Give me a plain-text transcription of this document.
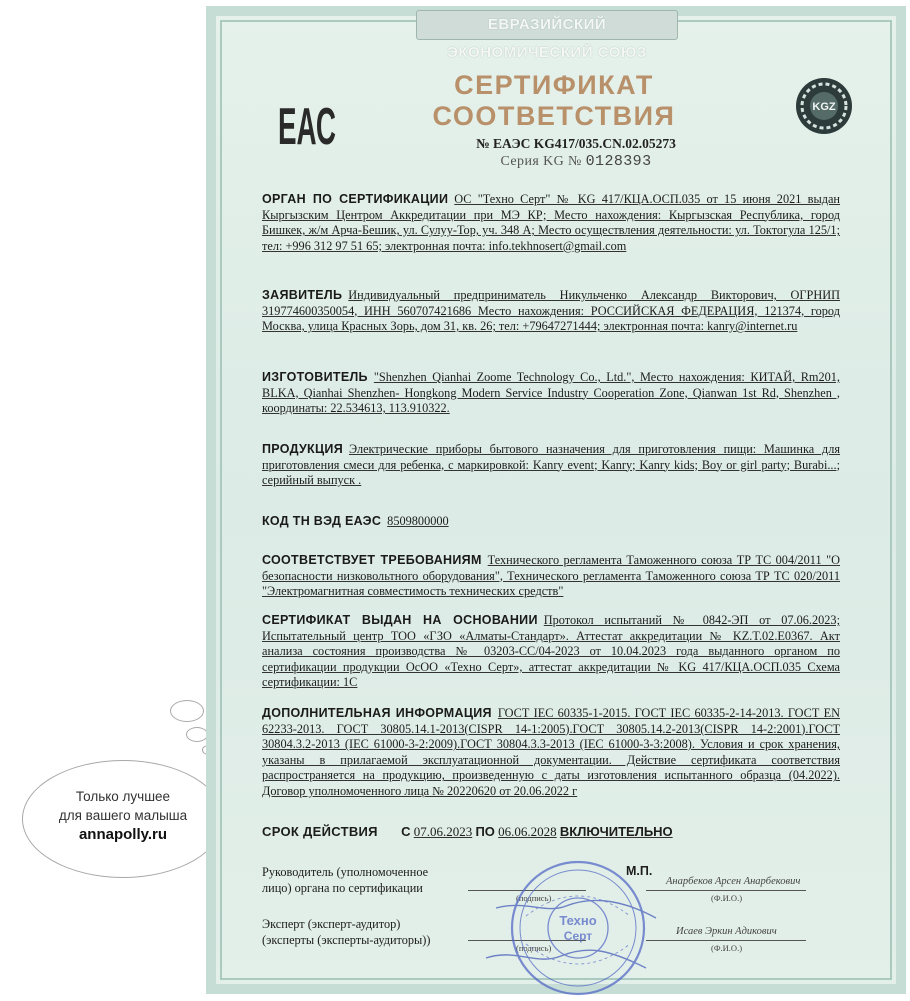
Только лучшее
для вашего малыша
annapolly.ru
ЕВРАЗИЙСКИЙ ЭКОНОМИЧЕСКИЙ СОЮЗ
ЕАС
СЕРТИФИКАТ СООТВЕТСТВИЯ	KGZ
№ ЕАЭС KG417/035.CN.02.05273
Серия KG № 0128393
ОРГАН ПО СЕРТИФИКАЦИИ ОС "Техно Серт" № KG 417/КЦА.ОСП.035 от 15 июня 2021 выдан Кыргызским Центром Аккредитации при МЭ КР; Место нахождения: Кыргызская Республика, город Бишкек, ж/м Арча-Бешик, ул. Сулуу-Тор, уч. 348 А; Место осуществления деятельности: ул. Токтогула 125/1; тел: +996 312 97 51 65; электронная почта: info.tekhnosert@gmail.com
ЗАЯВИТЕЛЬ Индивидуальный предприниматель Никульченко Александр Викторович, ОГРНИП 319774600350054, ИНН 560707421686 Место нахождения: РОССИЙСКАЯ ФЕДЕРАЦИЯ, 121374, город Москва, улица Красных Зорь, дом 31, кв. 26; тел: +79647271444; электронная почта: kanry@internet.ru
ИЗГОТОВИТЕЛЬ "Shenzhen Qianhai Zoome Technology Co., Ltd.", Место нахождения: КИТАЙ, Rm201, BLKA, Qianhai Shenzhen- Hongkong Modern Service Industry Cooperation Zone, Qianwan 1st Rd, Shenzhen , координаты: 22.534613, 113.910322.
ПРОДУКЦИЯ Электрические приборы бытового назначения для приготовления пищи: Машинка для приготовления смеси для ребенка, с маркировкой: Kanry event; Kanry; Kanry kids; Boy or girl party; Burabi...; серийный выпуск .
КОД ТН ВЭД ЕАЭС 8509800000
СООТВЕТСТВУЕТ ТРЕБОВАНИЯМ Технического регламента Таможенного союза ТР ТС 004/2011 "О безопасности низковольтного оборудования", Технического регламента Таможенного союза ТР ТС 020/2011 "Электромагнитная совместимость технических средств"
СЕРТИФИКАТ ВЫДАН НА ОСНОВАНИИ Протокол испытаний № 0842-ЭП от 07.06.2023; Испытательный центр ТОО «ГЗО «Алматы-Стандарт». Аттестат аккредитации № KZ.T.02.E0367. Акт анализа состояния производства № 03203-СС/04-2023 от 10.04.2023 года выданного органом по сертификации продукции ОсОО «Техно Серт», аттестат аккредитации № KG 417/КЦА.ОСП.035 Схема сертификации: 1С
ДОПОЛНИТЕЛЬНАЯ ИНФОРМАЦИЯ ГОСТ IEC 60335-1-2015. ГОСТ IEC 60335-2-14-2013. ГОСТ EN 62233-2013. ГОСТ 30805.14.1-2013(CISPR 14-1:2005).ГОСТ 30805.14.2-2013(CISPR 14-2:2001).ГОСТ 30804.3.2-2013 (IEC 61000-3-2:2009).ГОСТ 30804.3.3-2013 (IEC 61000-3-3:2008). Условия и срок хранения, указаны в прилагаемой эксплуатационной документации. Действие сертификата соответствия распространяется на продукцию, произведенную с даты изготовления испытанного образца (04.2022). Договор уполномоченного лица № 20220620 от 20.06.2022 г
СРОК ДЕЙСТВИЯ С 07.06.2023 ПО 06.06.2028 ВКЛЮЧИТЕЛЬНО
Руководитель (уполномоченное
лицо) органа по сертификации
М.П.
Анарбеков Арсен Анарбекович
(Ф.И.О.)
(подпись)
Эксперт (эксперт-аудитор)
(эксперты (эксперты-аудиторы))
Исаев Эркин Адикович
(Ф.И.О.)
(подпись)
Техно
Серт
